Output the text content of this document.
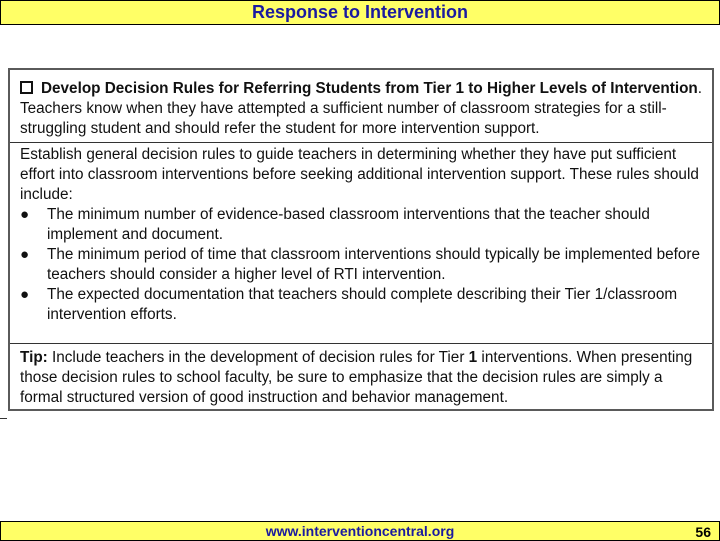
Response to Intervention
Develop Decision Rules for Referring Students from Tier 1 to Higher Levels of Intervention. Teachers know when they have attempted a sufficient number of classroom strategies for a still-struggling student and should refer the student for more intervention support.
Establish general decision rules to guide teachers in determining whether they have put sufficient effort into classroom interventions before seeking additional intervention support. These rules should include:
● The minimum number of evidence-based classroom interventions that the teacher should implement and document.
● The minimum period of time that classroom interventions should typically be implemented before teachers should consider a higher level of RTI intervention.
● The expected documentation that teachers should complete describing their Tier 1/classroom intervention efforts.
Tip: Include teachers in the development of decision rules for Tier 1 interventions. When presenting those decision rules to school faculty, be sure to emphasize that the decision rules are simply a formal structured version of good instruction and behavior management.
www.interventioncentral.org	56
